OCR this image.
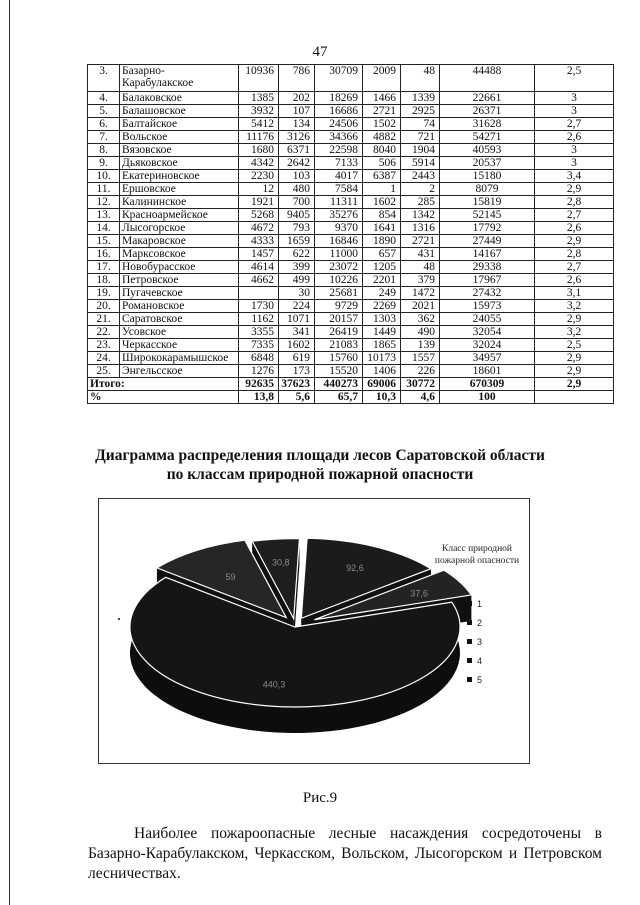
47
3.	Базарно-
Карабулакское	10936	786	30709	2009	48	44488	2,5
4.	Балаковское	1385	202	18269	1466	1339	22661	3
5.	Балашовское	3932	107	16686	2721	2925	26371	3
6.	Балтайское	5412	134	24506	1502	74	31628	2,7
7.	Вольское	11176	3126	34366	4882	721	54271	2,6
8.	Вязовское	1680	6371	22598	8040	1904	40593	3
9.	Дьяковское	4342	2642	7133	506	5914	20537	3
10.	Екатериновское	2230	103	4017	6387	2443	15180	3,4
11.	Ершовское	12	480	7584	1	2	8079	2,9
12.	Калининское	1921	700	11311	1602	285	15819	2,8
13.	Красноармейское	5268	9405	35276	854	1342	52145	2,7
14.	Лысогорское	4672	793	9370	1641	1316	17792	2,6
15.	Макаровское	4333	1659	16846	1890	2721	27449	2,9
16.	Марксовское	1457	622	11000	657	431	14167	2,8
17.	Новобурасское	4614	399	23072	1205	48	29338	2,7
18.	Петровское	4662	499	10226	2201	379	17967	2,6
19.	Пугачевское		30	25681	249	1472	27432	3,1
20.	Романовское	1730	224	9729	2269	2021	15973	3,2
21.	Саратовское	1162	1071	20157	1303	362	24055	2,9
22.	Усовское	3355	341	26419	1449	490	32054	3,2
23.	Черкасское	7335	1602	21083	1865	139	32024	2,5
24.	Ширококарамышское	6848	619	15760	10173	1557	34957	2,9
25.	Энгельсское	1276	173	15520	1406	226	18601	2,9
Итого:		92635	37623	440273	69006	30772	670309	2,9
%		13,8	5,6	65,7	10,3	4,6	100	
Диаграмма распределения площади лесов Саратовской области
по классам природной пожарной опасности
Класс природной
пожарной опасности
1
2
3
4
5
30,8
92,6
37,6
440,3
59
Рис.9
Наиболее пожароопасные лесные насаждения сосредоточены в Базарно-Карабулакском, Черкасском, Вольском, Лысогорском и Петровском лесничествах.
